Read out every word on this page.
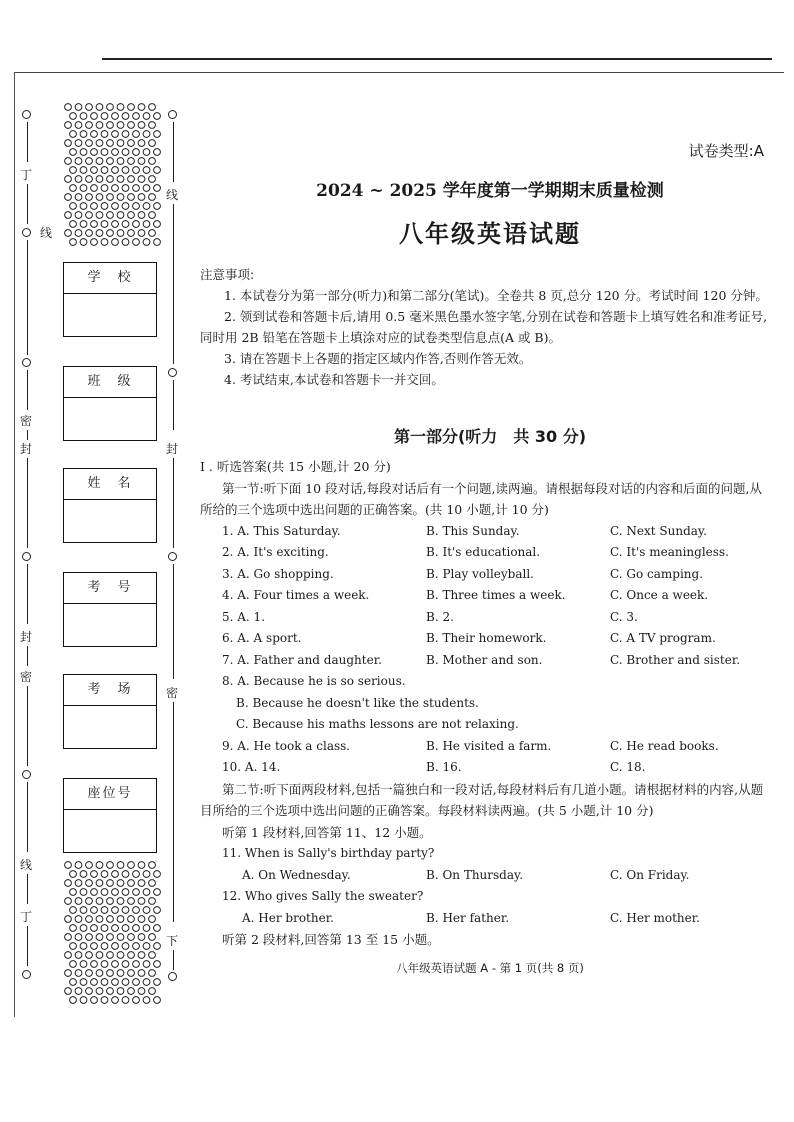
丁
密
封
封
密
线
丁
线
线
封
密
下
学　校
班　级
姓　名
考　号
考　场
座位号
试卷类型:A
2024 ~ 2025 学年度第一学期期末质量检测
八年级英语试题

注意事项:

1. 本试卷分为第一部分(听力)和第二部分(笔试)。全卷共 8 页,总分 120 分。考试时间 120 分钟。

2. 领到试卷和答题卡后,请用 0.5 毫米黑色墨水签字笔,分别在试卷和答题卡上填写姓名和准考证号,同时用 2B 铅笔在答题卡上填涂对应的试卷类型信息点(A 或 B)。

3. 请在答题卡上各题的指定区域内作答,否则作答无效。

4. 考试结束,本试卷和答题卡一并交回。

第一部分(听力　共 30 分)

I . 听选答案(共 15 小题,计 20 分)

第一节:听下面 10 段对话,每段对话后有一个问题,读两遍。请根据每段对话的内容和后面的问题,从所给的三个选项中选出问题的正确答案。(共 10 小题,计 10 分)

1. A. This Saturday.	B. This Sunday.	C. Next Sunday.
2. A. It's exciting.	B. It's educational.	C. It's meaningless.
3. A. Go shopping.	B. Play volleyball.	C. Go camping.
4. A. Four times a week.	B. Three times a week.	C. Once a week.
5. A. 1.	B. 2.	C. 3.
6. A. A sport.	B. Their homework.	C. A TV program.
7. A. Father and daughter.	B. Mother and son.	C. Brother and sister.
8. A. Because he is so serious.
B. Because he doesn't like the students.
C. Because his maths lessons are not relaxing.
9. A. He took a class.	B. He visited a farm.	C. He read books.
10. A. 14.	B. 16.	C. 18.

第二节:听下面两段材料,包括一篇独白和一段对话,每段材料后有几道小题。请根据材料的内容,从题目所给的三个选项中选出问题的正确答案。每段材料读两遍。(共 5 小题,计 10 分)

听第 1 段材料,回答第 11、12 小题。

11. When is Sally's birthday party?
A. On Wednesday.	B. On Thursday.	C. On Friday.
12. Who gives Sally the sweater?
A. Her brother.	B. Her father.	C. Her mother.

听第 2 段材料,回答第 13 至 15 小题。

八年级英语试题 A - 第 1 页(共 8 页)
